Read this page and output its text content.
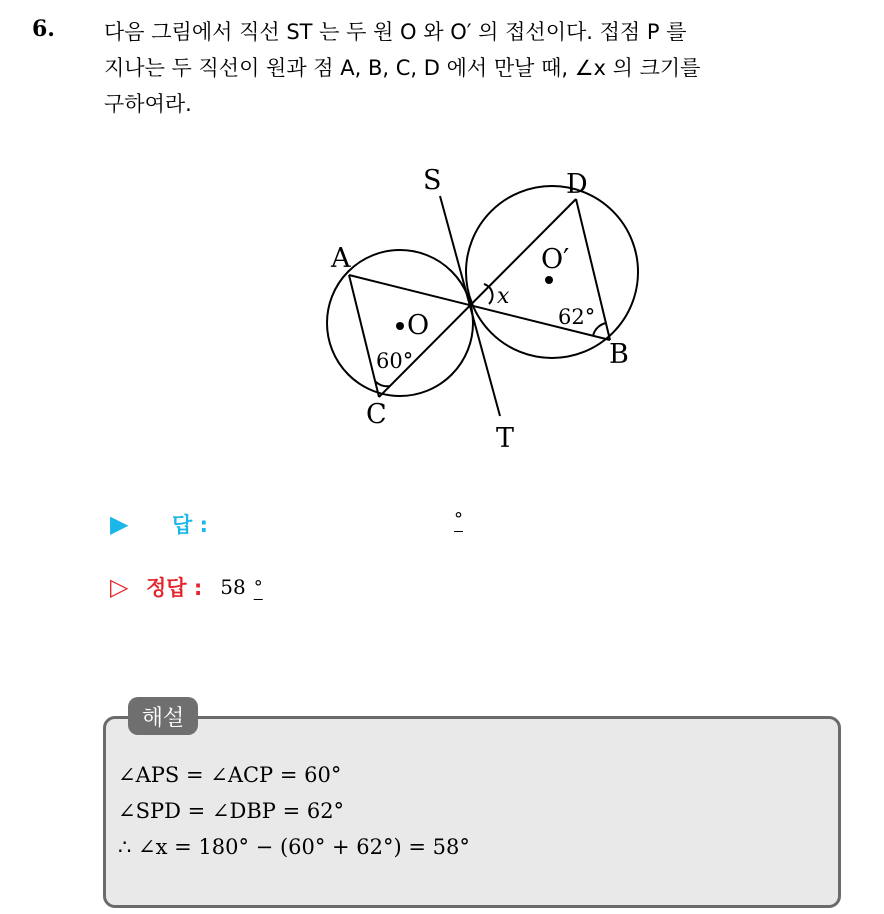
6. 다음 그림에서 직선 ST 는 두 원 O 와 O′ 의 접선이다. 접점 P 를

지나는 두 직선이 원과 점 A, B, C, D 에서 만날 때, ∠x 의 크기를

구하여라.

S
T
A
B
C
D
O
O′
x
60°
62°
▶	답 :	°
▷ 정답 : 58 °
해설
∠APS = ∠ACP = 60°
∠SPD = ∠DBP = 62°
∴ ∠x = 180° − (60° + 62°) = 58°
